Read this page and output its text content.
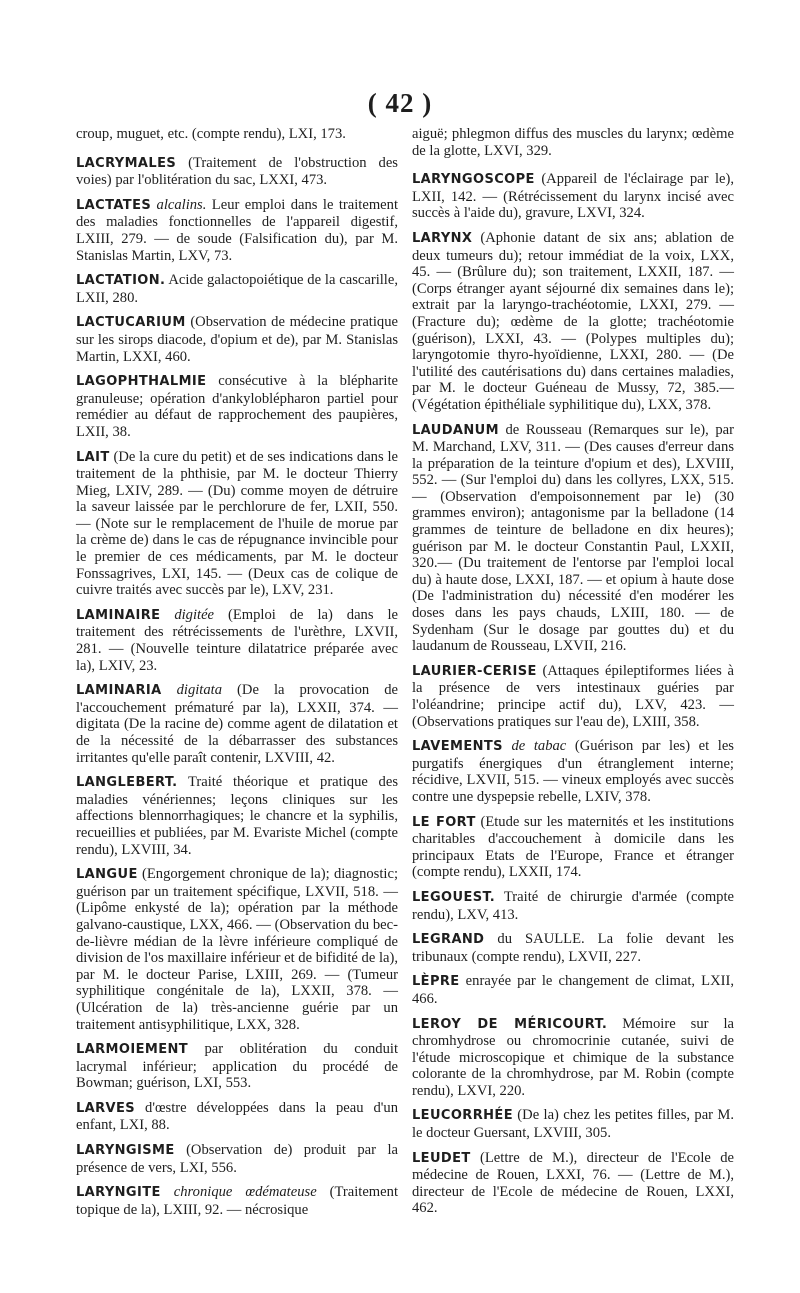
( 42 )

croup, muguet, etc. (compte rendu), LXI, 173.

LACRYMALES (Traitement de l'obstruction des voies) par l'oblitération du sac, LXXI, 473.

LACTATES alcalins. Leur emploi dans le traitement des maladies fonctionnelles de l'appareil digestif, LXIII, 279. — de soude (Falsification du), par M. Stanislas Martin, LXV, 73.

LACTATION. Acide galactopoiétique de la cascarille, LXII, 280.

LACTUCARIUM (Observation de médecine pratique sur les sirops diacode, d'opium et de), par M. Stanislas Martin, LXXI, 460.

LAGOPHTHALMIE consécutive à la blépharite granuleuse; opération d'ankyloblépharon partiel pour remédier au défaut de rapprochement des paupières, LXII, 38.

LAIT (De la cure du petit) et de ses indications dans le traitement de la phthisie, par M. le docteur Thierry Mieg, LXIV, 289. — (Du) comme moyen de détruire la saveur laissée par le perchlorure de fer, LXII, 550. — (Note sur le remplacement de l'huile de morue par la crème de) dans le cas de répugnance invincible pour le premier de ces médicaments, par M. le docteur Fonssagrives, LXI, 145. — (Deux cas de colique de cuivre traités avec succès par le), LXV, 231.

LAMINAIRE digitée (Emploi de la) dans le traitement des rétrécissements de l'urèthre, LXVII, 281. — (Nouvelle teinture dilatatrice préparée avec la), LXIV, 23.

LAMINARIA digitata (De la provocation de l'accouchement prématuré par la), LXXII, 374. — digitata (De la racine de) comme agent de dilatation et de la nécessité de la débarrasser des substances irritantes qu'elle paraît contenir, LXVIII, 42.

LANGLEBERT. Traité théorique et pratique des maladies vénériennes; leçons cliniques sur les affections blennorrhagiques; le chancre et la syphilis, recueillies et publiées, par M. Evariste Michel (compte rendu), LXVIII, 34.

LANGUE (Engorgement chronique de la); diagnostic; guérison par un traitement spécifique, LXVII, 518. — (Lipôme enkysté de la); opération par la méthode galvano-caustique, LXX, 466. — (Observation du bec-de-lièvre médian de la lèvre inférieure compliqué de division de l'os maxillaire inférieur et de bifidité de la), par M. le docteur Parise, LXIII, 269. — (Tumeur syphilitique congénitale de la), LXXII, 378. — (Ulcération de la) très-ancienne guérie par un traitement antisyphilitique, LXX, 328.

LARMOIEMENT par oblitération du conduit lacrymal inférieur; application du procédé de Bowman; guérison, LXI, 553.

LARVES d'œstre développées dans la peau d'un enfant, LXI, 88.

LARYNGISME (Observation de) produit par la présence de vers, LXI, 556.

LARYNGITE chronique œdémateuse (Traitement topique de la), LXIII, 92. — nécrosique

aiguë; phlegmon diffus des muscles du larynx; œdème de la glotte, LXVI, 329.

LARYNGOSCOPE (Appareil de l'éclairage par le), LXII, 142. — (Rétrécissement du larynx incisé avec succès à l'aide du), gravure, LXVI, 324.

LARYNX (Aphonie datant de six ans; ablation de deux tumeurs du); retour immédiat de la voix, LXX, 45. — (Brûlure du); son traitement, LXXII, 187. — (Corps étranger ayant séjourné dix semaines dans le); extrait par la laryngo-trachéotomie, LXXI, 279. — (Fracture du); œdème de la glotte; trachéotomie (guérison), LXXI, 43. — (Polypes multiples du); laryngotomie thyro-hyoïdienne, LXXI, 280. — (De l'utilité des cautérisations du) dans certaines maladies, par M. le docteur Guéneau de Mussy, 72, 385.— (Végétation épithéliale syphilitique du), LXX, 378.

LAUDANUM de Rousseau (Remarques sur le), par M. Marchand, LXV, 311. — (Des causes d'erreur dans la préparation de la teinture d'opium et des), LXVIII, 552. — (Sur l'emploi du) dans les collyres, LXX, 515. — (Observation d'empoisonnement par le) (30 grammes environ); antagonisme par la belladone (14 grammes de teinture de belladone en dix heures); guérison par M. le docteur Constantin Paul, LXXII, 320.— (Du traitement de l'entorse par l'emploi local du) à haute dose, LXXI, 187. — et opium à haute dose (De l'administration du) nécessité d'en modérer les doses dans les pays chauds, LXIII, 180. — de Sydenham (Sur le dosage par gouttes du) et du laudanum de Rousseau, LXVII, 216.

LAURIER-CERISE (Attaques épileptiformes liées à la présence de vers intestinaux guéries par l'oléandrine; principe actif du), LXV, 423. — (Observations pratiques sur l'eau de), LXIII, 358.

LAVEMENTS de tabac (Guérison par les) et les purgatifs énergiques d'un étranglement interne; récidive, LXVII, 515. — vineux employés avec succès contre une dyspepsie rebelle, LXIV, 378.

LE FORT (Etude sur les maternités et les institutions charitables d'accouchement à domicile dans les principaux Etats de l'Europe, France et étranger (compte rendu), LXXII, 174.

LEGOUEST. Traité de chirurgie d'armée (compte rendu), LXV, 413.

LEGRAND du SAULLE. La folie devant les tribunaux (compte rendu), LXVII, 227.

LÈPRE enrayée par le changement de climat, LXII, 466.

LEROY DE MÉRICOURT. Mémoire sur la chromhydrose ou chromocrinie cutanée, suivi de l'étude microscopique et chimique de la substance colorante de la chromhydrose, par M. Robin (compte rendu), LXVI, 220.

LEUCORRHÉE (De la) chez les petites filles, par M. le docteur Guersant, LXVIII, 305.

LEUDET (Lettre de M.), directeur de l'Ecole de médecine de Rouen, LXXI, 76. — (Lettre de M.), directeur de l'Ecole de médecine de Rouen, LXXI, 462.
